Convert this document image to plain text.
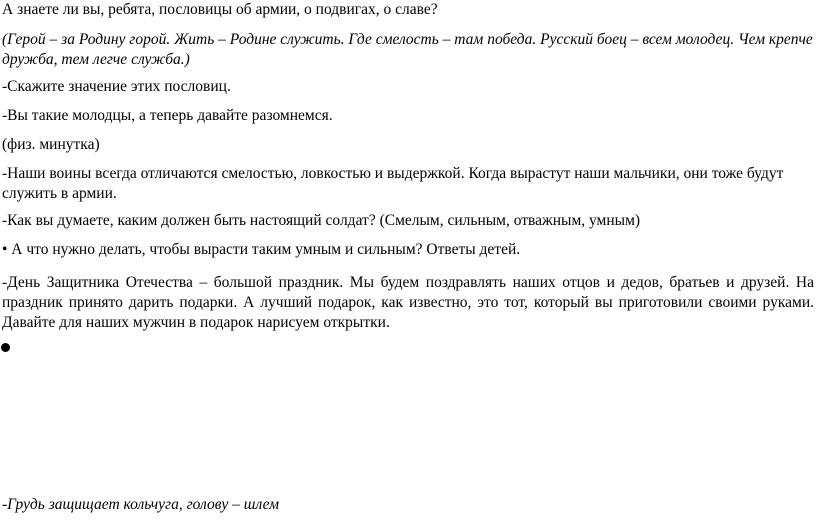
А знаете ли вы, ребята, пословицы об армии, о подвигах, о славе?

(Герой – за Родину горой. Жить – Родине служить. Где смелость – там победа. Русский боец – всем молодец. Чем крепче дружба, тем легче служба.)

-Скажите значение этих пословиц.

-Вы такие молодцы, а теперь давайте разомнемся.

(физ. минутка)

-Наши воины всегда отличаются смелостью, ловкостью и выдержкой. Когда вырастут наши мальчики, они тоже будут служить в армии.

-Как вы думаете, каким должен быть настоящий солдат? (Смелым, сильным, отважным, умным)

• А что нужно делать, чтобы вырасти таким умным и сильным? Ответы детей.

-День Защитника Отечества – большой праздник. Мы будем поздравлять наших отцов и дедов, братьев и друзей. На праздник принято дарить подарки. А лучший подарок, как известно, это тот, который вы приготовили своими руками. Давайте для наших мужчин в подарок нарисуем открытки.

-Грудь защищает кольчуга, голову – шлем
